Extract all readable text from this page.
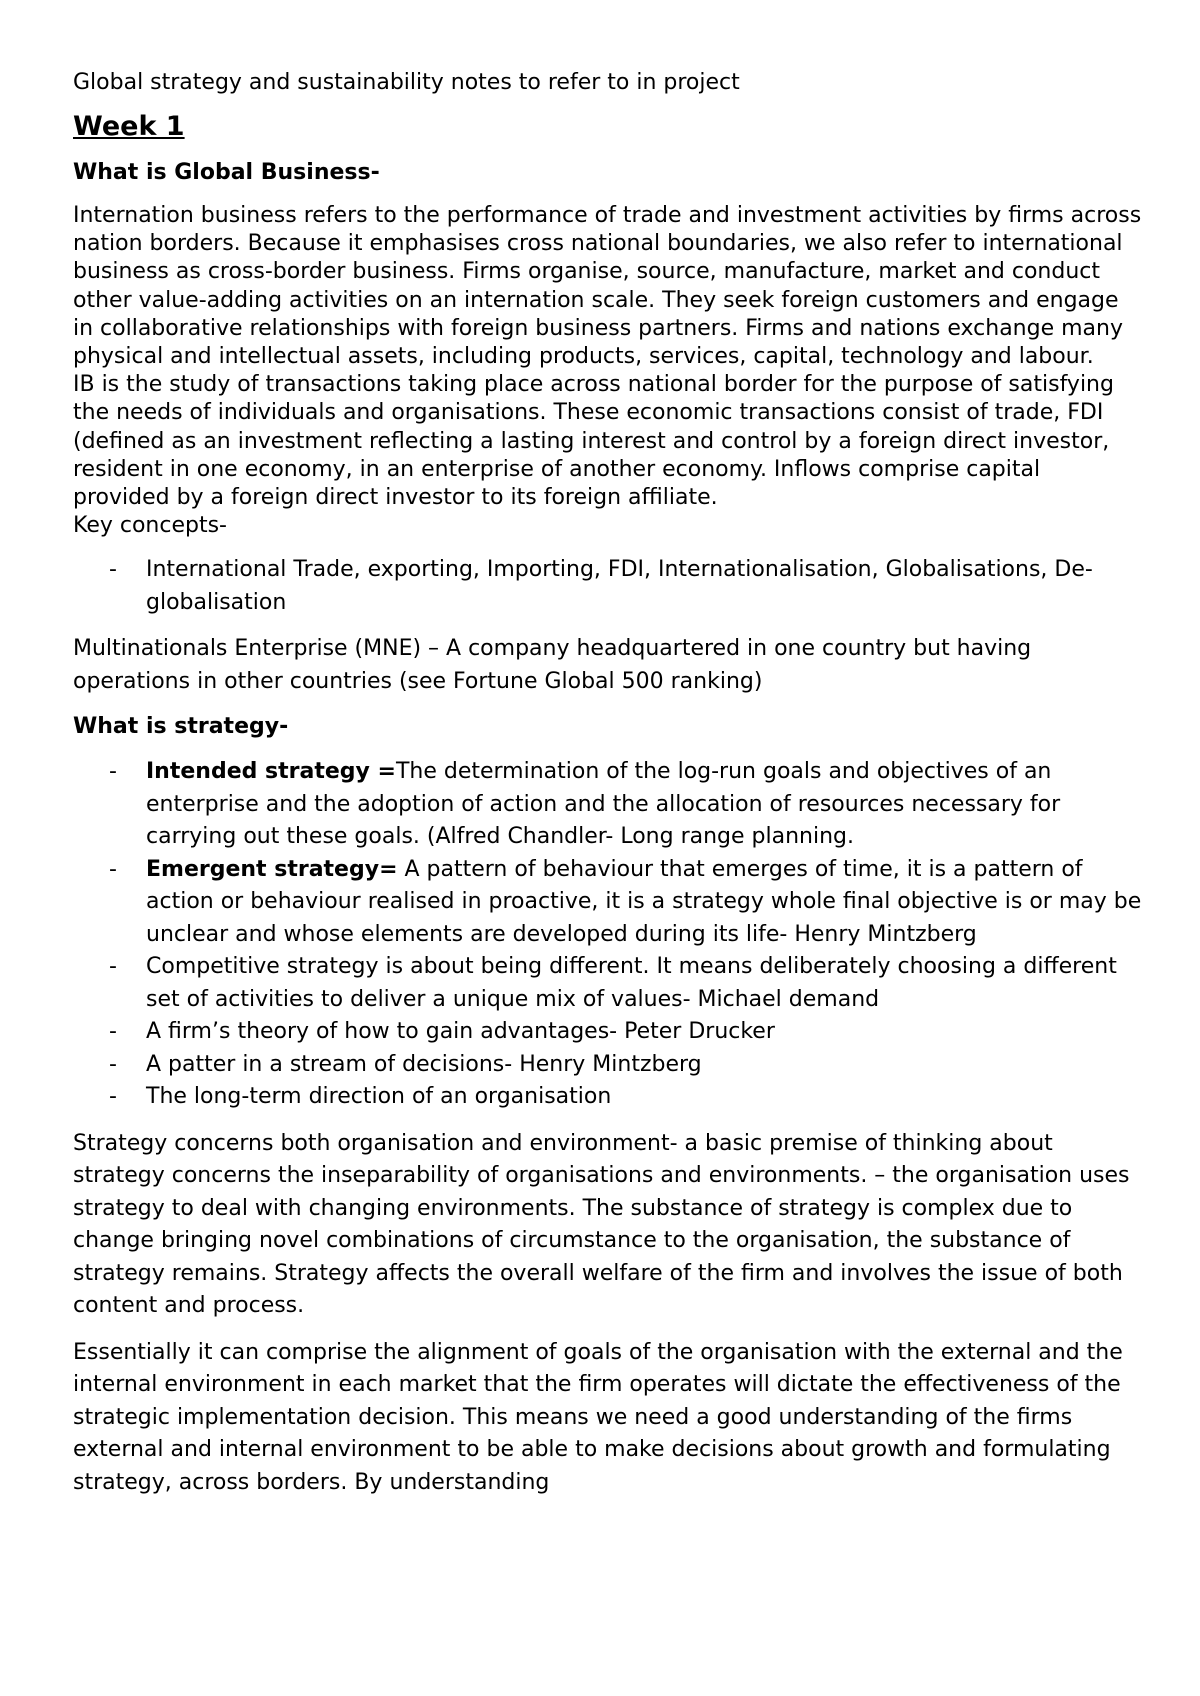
Global strategy and sustainability notes to refer to in project

Week 1

What is Global Business-

Internation business refers to the performance of trade and investment activities by firms across nation borders. Because it emphasises cross national boundaries, we also refer to international business as cross-border business. Firms organise, source, manufacture, market and conduct other value-adding activities on an internation scale. They seek foreign customers and engage in collaborative relationships with foreign business partners. Firms and nations exchange many physical and intellectual assets, including products, services, capital, technology and labour.

IB is the study of transactions taking place across national border for the purpose of satisfying the needs of individuals and organisations. These economic transactions consist of trade, FDI (defined as an investment reflecting a lasting interest and control by a foreign direct investor, resident in one economy, in an enterprise of another economy. Inflows comprise capital provided by a foreign direct investor to its foreign affiliate.

Key concepts-

- International Trade, exporting, Importing, FDI, Internationalisation, Globalisations, De-globalisation

Multinationals Enterprise (MNE) – A company headquartered in one country but having operations in other countries (see Fortune Global 500 ranking)

What is strategy-

- Intended strategy =The determination of the log-run goals and objectives of an enterprise and the adoption of action and the allocation of resources necessary for carrying out these goals. (Alfred Chandler- Long range planning.
- Emergent strategy= A pattern of behaviour that emerges of time, it is a pattern of action or behaviour realised in proactive, it is a strategy whole final objective is or may be unclear and whose elements are developed during its life- Henry Mintzberg
- Competitive strategy is about being different. It means deliberately choosing a different set of activities to deliver a unique mix of values- Michael demand
- A firm’s theory of how to gain advantages- Peter Drucker
- A patter in a stream of decisions- Henry Mintzberg
- The long-term direction of an organisation

Strategy concerns both organisation and environment- a basic premise of thinking about strategy concerns the inseparability of organisations and environments. – the organisation uses strategy to deal with changing environments. The substance of strategy is complex due to change bringing novel combinations of circumstance to the organisation, the substance of strategy remains. Strategy affects the overall welfare of the firm and involves the issue of both content and process.

Essentially it can comprise the alignment of goals of the organisation with the external and the internal environment in each market that the firm operates will dictate the effectiveness of the strategic implementation decision. This means we need a good understanding of the firms external and internal environment to be able to make decisions about growth and formulating strategy, across borders. By understanding
